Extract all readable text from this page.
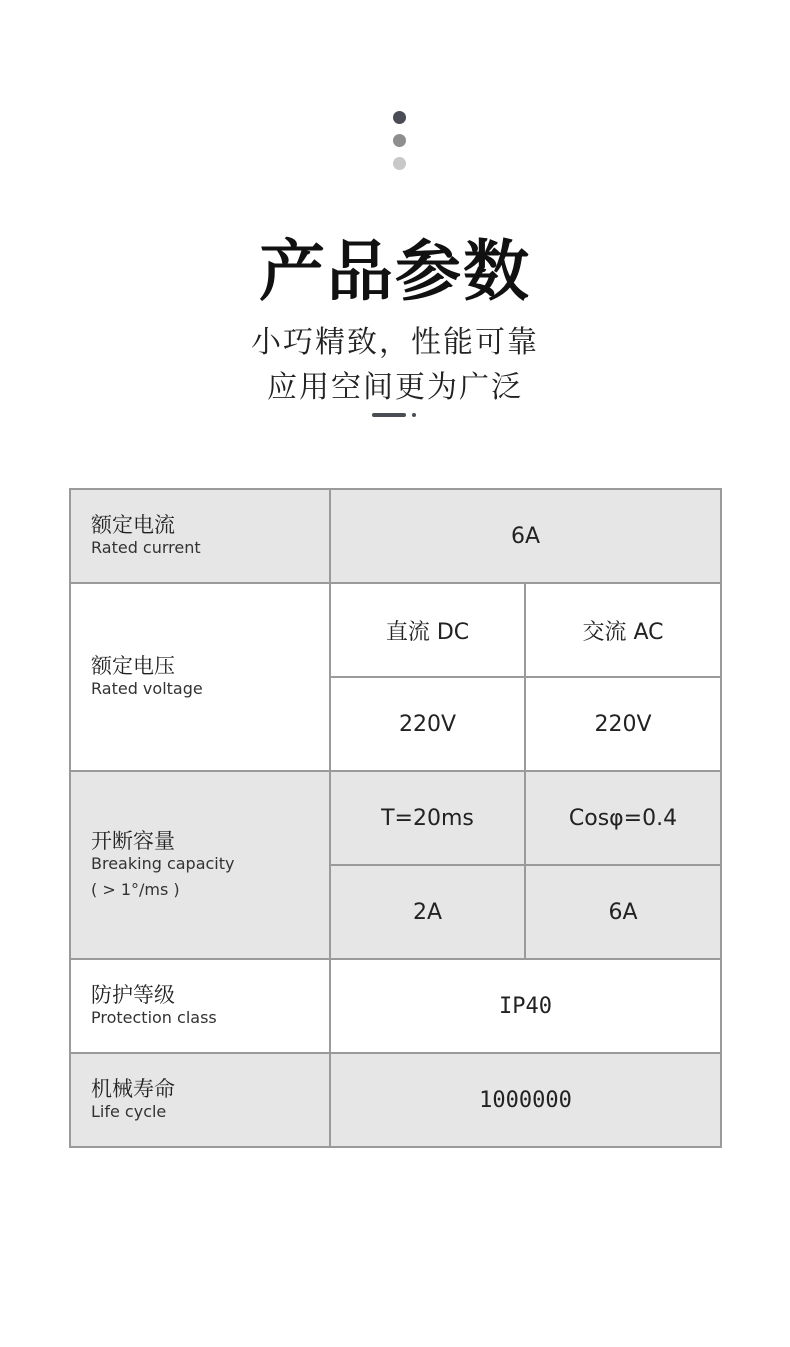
产品参数
小巧精致，性能可靠
应用空间更为广泛
额定电流
Rated current	6A	

额定电压
Rated voltage	直流 DC	交流 AC
	220V	220V

开断容量
Breaking capacity
( > 1°/ms )	T=20ms	Cosφ=0.4
	2A	6A

防护等级
Protection class	IP40	

机械寿命
Life cycle	1000000	
